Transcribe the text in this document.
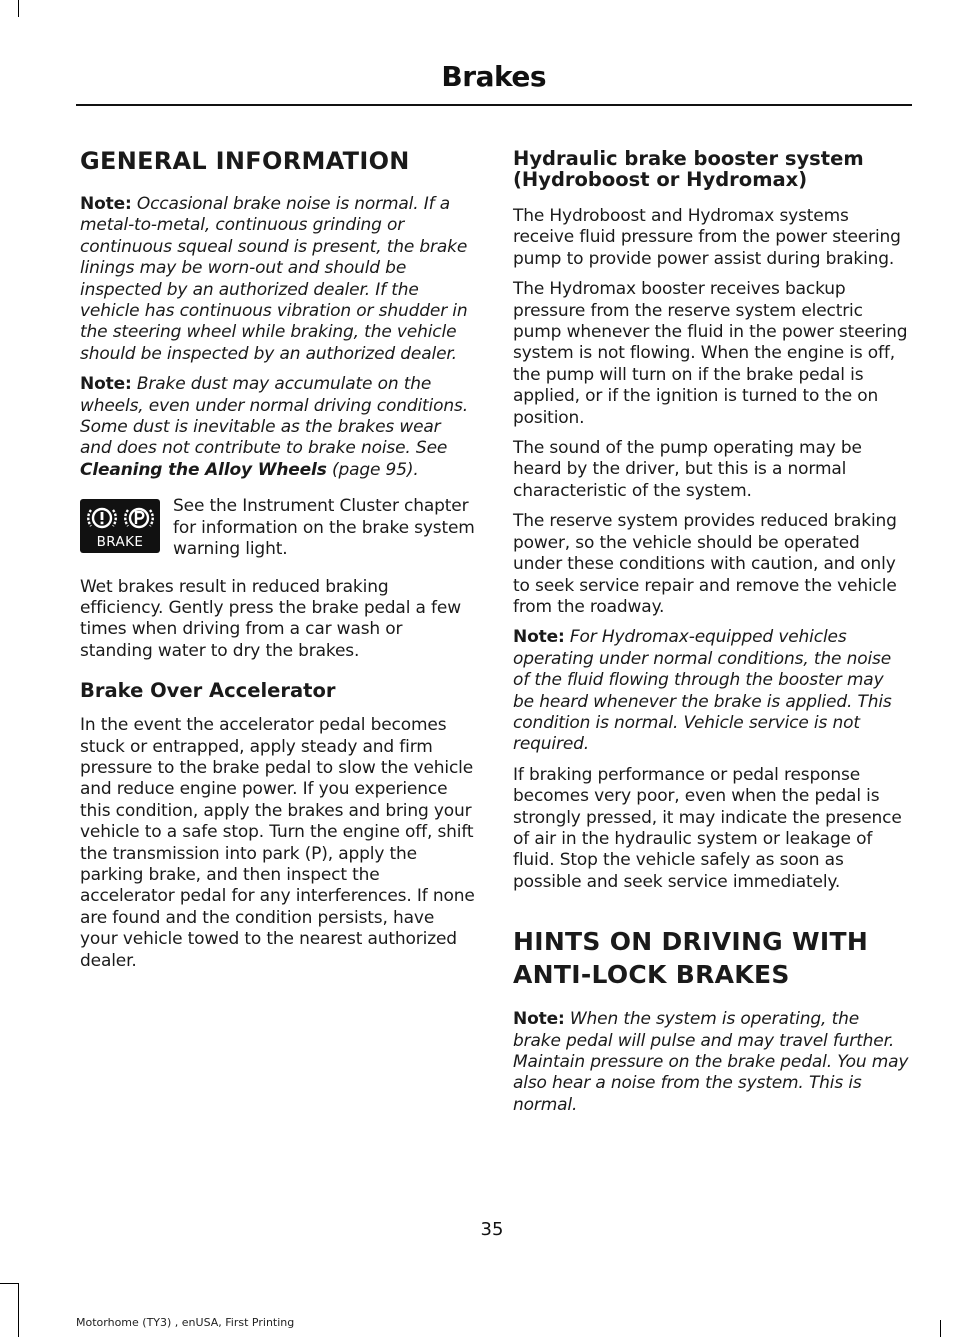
Brakes
GENERAL INFORMATION

Note: Occasional brake noise is normal. If a metal-to-metal, continuous grinding or continuous squeal sound is present, the brake linings may be worn-out and should be inspected by an authorized dealer. If the vehicle has continuous vibration or shudder in the steering wheel while braking, the vehicle should be inspected by an authorized dealer.

Note: Brake dust may accumulate on the wheels, even under normal driving conditions. Some dust is inevitable as the brakes wear and does not contribute to brake noise. See Cleaning the Alloy Wheels (page 95).

BRAKE

See the Instrument Cluster chapter for information on the brake system warning light.

Wet brakes result in reduced braking efficiency. Gently press the brake pedal a few times when driving from a car wash or standing water to dry the brakes.

Brake Over Accelerator

In the event the accelerator pedal becomes stuck or entrapped, apply steady and firm pressure to the brake pedal to slow the vehicle and reduce engine power. If you experience this condition, apply the brakes and bring your vehicle to a safe stop. Turn the engine off, shift the transmission into park (P), apply the parking brake, and then inspect the accelerator pedal for any interferences. If none are found and the condition persists, have your vehicle towed to the nearest authorized dealer.

Hydraulic brake booster system (Hydroboost or Hydromax)

The Hydroboost and Hydromax systems receive fluid pressure from the power steering pump to provide power assist during braking.

The Hydromax booster receives backup pressure from the reserve system electric pump whenever the fluid in the power steering system is not flowing. When the engine is off, the pump will turn on if the brake pedal is applied, or if the ignition is turned to the on position.

The sound of the pump operating may be heard by the driver, but this is a normal characteristic of the system.

The reserve system provides reduced braking power, so the vehicle should be operated under these conditions with caution, and only to seek service repair and remove the vehicle from the roadway.

Note: For Hydromax-equipped vehicles operating under normal conditions, the noise of the fluid flowing through the booster may be heard whenever the brake is applied. This condition is normal. Vehicle service is not required.

If braking performance or pedal response becomes very poor, even when the pedal is strongly pressed, it may indicate the presence of air in the hydraulic system or leakage of fluid. Stop the vehicle safely as soon as possible and seek service immediately.

HINTS ON DRIVING WITH
ANTI-LOCK BRAKES

Note: When the system is operating, the brake pedal will pulse and may travel further. Maintain pressure on the brake pedal. You may also hear a noise from the system. This is normal.

35
Motorhome (TY3) , enUSA, First Printing
